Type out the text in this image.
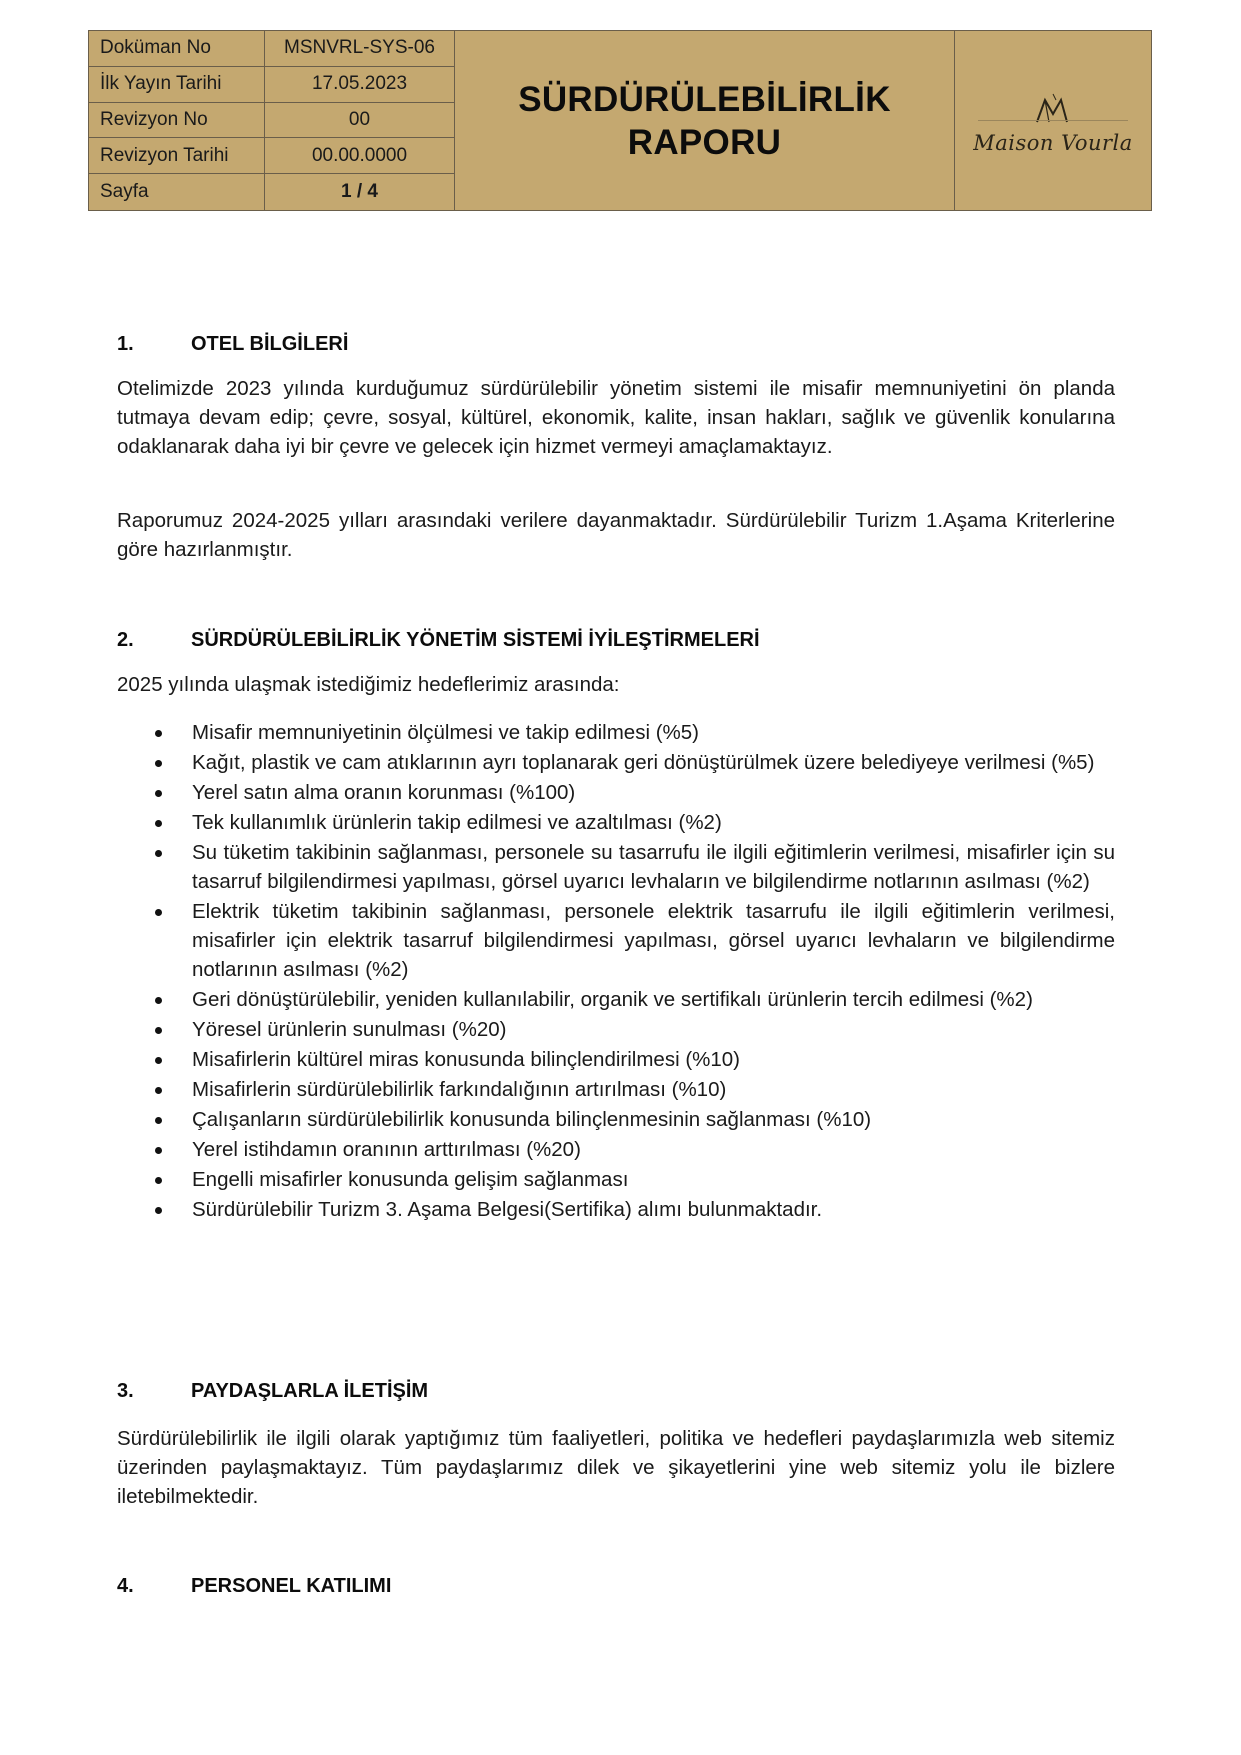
Doküman No	MSNVRL-SYS-06
İlk Yayın Tarihi	17.05.2023
Revizyon No	00
Revizyon Tarihi	00.00.0000
Sayfa	1 / 4
SÜRDÜRÜLEBİLİRLİK
RAPORU	Maison Vourla
1.	OTEL BİLGİLERİ

Otelimizde 2023 yılında kurduğumuz sürdürülebilir yönetim sistemi ile misafir memnuniyetini ön planda tutmaya devam edip; çevre, sosyal, kültürel, ekonomik, kalite, insan hakları, sağlık ve güvenlik konularına odaklanarak daha iyi bir çevre ve gelecek için hizmet vermeyi amaçlamaktayız.

Raporumuz 2024-2025 yılları arasındaki verilere dayanmaktadır. Sürdürülebilir Turizm 1.Aşama Kriterlerine göre hazırlanmıştır.

2.	SÜRDÜRÜLEBİLİRLİK YÖNETİM SİSTEMİ İYİLEŞTİRMELERİ

2025 yılında ulaşmak istediğimiz hedeflerimiz arasında:

Misafir memnuniyetinin ölçülmesi ve takip edilmesi (%5)
Kağıt, plastik ve cam atıklarının ayrı toplanarak geri dönüştürülmek üzere belediyeye verilmesi (%5)
Yerel satın alma oranın korunması (%100)
Tek kullanımlık ürünlerin takip edilmesi ve azaltılması (%2)
Su tüketim takibinin sağlanması, personele su tasarrufu ile ilgili eğitimlerin verilmesi, misafirler için su tasarruf bilgilendirmesi yapılması, görsel uyarıcı levhaların ve bilgilendirme notlarının asılması (%2)
Elektrik tüketim takibinin sağlanması, personele elektrik tasarrufu ile ilgili eğitimlerin verilmesi, misafirler için elektrik tasarruf bilgilendirmesi yapılması, görsel uyarıcı levhaların ve bilgilendirme notlarının asılması (%2)
Geri dönüştürülebilir, yeniden kullanılabilir, organik ve sertifikalı ürünlerin tercih edilmesi (%2)
Yöresel ürünlerin sunulması (%20)
Misafirlerin kültürel miras konusunda bilinçlendirilmesi (%10)
Misafirlerin sürdürülebilirlik farkındalığının artırılması (%10)
Çalışanların sürdürülebilirlik konusunda bilinçlenmesinin sağlanması (%10)
Yerel istihdamın oranının arttırılması (%20)
Engelli misafirler konusunda gelişim sağlanması
Sürdürülebilir Turizm 3. Aşama Belgesi(Sertifika) alımı bulunmaktadır.
3.	PAYDAŞLARLA İLETİŞİM

Sürdürülebilirlik ile ilgili olarak yaptığımız tüm faaliyetleri, politika ve hedefleri paydaşlarımızla web sitemiz üzerinden paylaşmaktayız. Tüm paydaşlarımız dilek ve şikayetlerini yine web sitemiz yolu ile bizlere iletebilmektedir.

4.	PERSONEL KATILIMI
